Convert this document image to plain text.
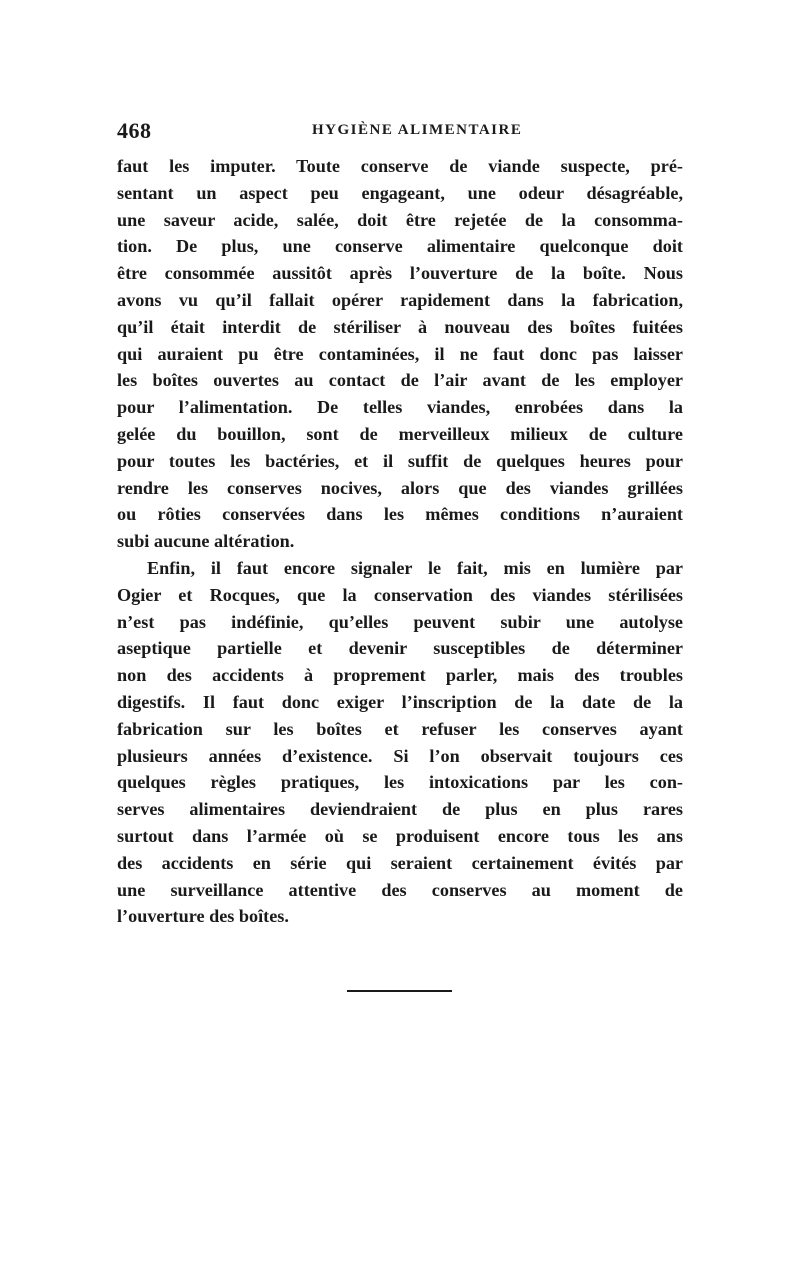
468	HYGIÈNE ALIMENTAIRE
faut les imputer. Toute conserve de viande suspecte, pré-
sentant un aspect peu engageant, une odeur désagréable,
une saveur acide, salée, doit être rejetée de la consomma-
tion. De plus, une conserve alimentaire quelconque doit
être consommée aussitôt après l’ouverture de la boîte. Nous
avons vu qu’il fallait opérer rapidement dans la fabrication,
qu’il était interdit de stériliser à nouveau des boîtes fuitées
qui auraient pu être contaminées, il ne faut donc pas laisser
les boîtes ouvertes au contact de l’air avant de les employer
pour l’alimentation. De telles viandes, enrobées dans la
gelée du bouillon, sont de merveilleux milieux de culture
pour toutes les bactéries, et il suffit de quelques heures pour
rendre les conserves nocives, alors que des viandes grillées
ou rôties conservées dans les mêmes conditions n’auraient
subi aucune altération.
Enfin, il faut encore signaler le fait, mis en lumière par
Ogier et Rocques, que la conservation des viandes stérilisées
n’est pas indéfinie, qu’elles peuvent subir une autolyse
aseptique partielle et devenir susceptibles de déterminer
non des accidents à proprement parler, mais des troubles
digestifs. Il faut donc exiger l’inscription de la date de la
fabrication sur les boîtes et refuser les conserves ayant
plusieurs années d’existence. Si l’on observait toujours ces
quelques règles pratiques, les intoxications par les con-
serves alimentaires deviendraient de plus en plus rares
surtout dans l’armée où se produisent encore tous les ans
des accidents en série qui seraient certainement évités par
une surveillance attentive des conserves au moment de
l’ouverture des boîtes.
